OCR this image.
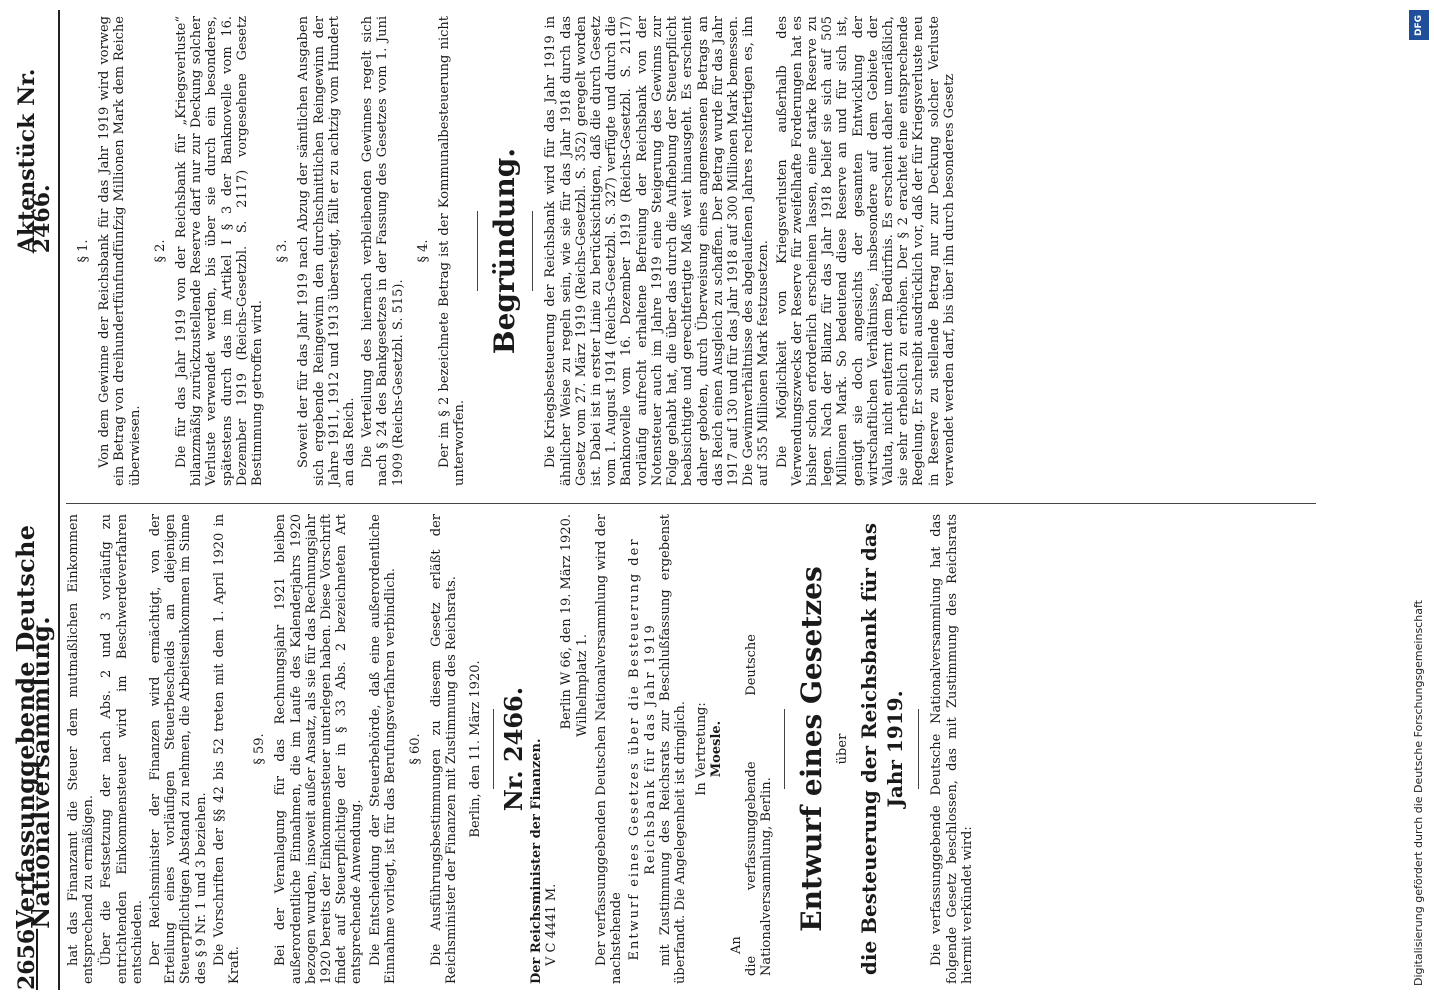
2656
Verfassunggebende Deutsche Nationalversammlung.
Aktenstück Nr. 2466.

hat das Finanzamt die Steuer dem mutmaßlichen Einkommen entsprechend zu ermäßigen. Über die Festsetzung der nach Abs. 2 und 3 vorläufig zu entrichtenden Einkommensteuer wird im Beschwerdeverfahren entschieden. Der Reichsminister der Finanzen wird ermächtigt, von der Erteilung eines vorläufigen Steuerbescheids an diejenigen Steuerpflichtigen Abstand zu nehmen, die Arbeitseinkommen im Sinne des § 9 Nr. 1 und 3 beziehen. Die Vorschriften der §§ 42 bis 52 treten mit dem 1. April 1920 in Kraft.

§ 59. Bei der Veranlagung für das Rechnungsjahr 1921 bleiben außerordentliche Einnahmen, die im Laufe des Kalenderjahrs 1920 bezogen wurden, insoweit außer Ansatz, als sie für das Rechnungsjahr 1920 bereits der Einkommensteuer unterlegen haben. Diese Vorschrift findet auf Steuerpflichtige der in § 33 Abs. 2 bezeichneten Art entsprechende Anwendung. Die Entscheidung der Steuerbehörde, daß eine außerordentliche Einnahme vorliegt, ist für das Berufungsverfahren verbindlich. § 60. Die Ausführungsbestimmungen zu diesem Gesetz erläßt der Reichsminister der Finanzen mit Zustimmung des Reichsrats. Berlin, den 11. März 1920. Nr. 2466. Der Reichsminister der Finanzen. V C 4441 M.
Berlin W 66, den 19. März 1920. Wilhelmplatz 1. Der verfassunggebenden Deutschen Nationalversammlung wird der nachstehende Entwurf eines Gesetzes über die Besteuerung der Reichsbank für das Jahr 1919 mit Zustimmung des Reichsrats zur Beschlußfassung ergebenst überfandt. Die Angelegenheit ist dringlich. In Vertretung: Moesle.
An die verfassunggebende Deutsche Nationalversammlung, Berlin. Entwurf eines Gesetzes über die Besteuerung der Reichsbank für das Jahr 1919. Die verfassunggebende Deutsche Nationalversammlung hat das folgende Gesetz beschlossen, das mit Zustimmung des Reichsrats hiermit verkündet wird:

§ 1. Von dem Gewinne der Reichsbank für das Jahr 1919 wird vorweg ein Betrag von dreihundertfünfundfünfzig Millionen Mark dem Reiche überwiesen.

§ 2. Die für das Jahr 1919 von der Reichsbank für „Kriegsverluste“ bilanzmäßig zurückzustellende Reserve darf nur zur Deckung solcher Verluste verwendet werden, bis über sie durch ein besonderes, spätestens durch das im Artikel I § 3 der Banknovelle vom 16. Dezember 1919 (Reichs-Gesetzbl. S. 2117) vorgesehene Gesetz Bestimmung getroffen wird.

§ 3. Soweit der für das Jahr 1919 nach Abzug der sämtlichen Ausgaben sich ergebende Reingewinn den durchschnittlichen Reingewinn der Jahre 1911, 1912 und 1913 übersteigt, fällt er zu achtzig vom Hundert an das Reich. Die Verteilung des hiernach verbleibenden Gewinnes regelt sich nach § 24 des Bankgesetzes in der Fassung des Gesetzes vom 1. Juni 1909 (Reichs-Gesetzbl. S. 515).

§ 4. Der im § 2 bezeichnete Betrag ist der Kommunalbesteuerung nicht unterworfen.

Begründung. Die Kriegsbesteuerung der Reichsbank wird für das Jahr 1919 in ähnlicher Weise zu regeln sein, wie sie für das Jahr 1918 durch das Gesetz vom 27. März 1919 (Reichs-Gesetzbl. S. 352) geregelt worden ist. Dabei ist in erster Linie zu berücksichtigen, daß die durch Gesetz vom 1. August 1914 (Reichs-Gesetzbl. S. 327) verfügte und durch die Banknovelle vom 16. Dezember 1919 (Reichs-Gesetzbl. S. 2117) vorläufig aufrecht erhaltene Befreiung der Reichsbank von der Notensteuer auch im Jahre 1919 eine Steigerung des Gewinns zur Folge gehabt hat, die über das durch die Aufhebung der Steuerpflicht beabsichtigte und gerechtfertigte Maß weit hinausgeht. Es erscheint daher geboten, durch Überweisung eines angemessenen Betrags an das Reich einen Ausgleich zu schaffen. Der Betrag wurde für das Jahr 1917 auf 130 und für das Jahr 1918 auf 300 Millionen Mark bemessen. Die Gewinnverhältnisse des abgelaufenen Jahres rechtfertigen es, ihn auf 355 Millionen Mark festzusetzen. Die Möglichkeit von Kriegsverlusten außerhalb des Verwendungszwecks der Reserve für zweifelhafte Forderungen hat es bisher schon erforderlich erscheinen lassen, eine starke Reserve zu legen. Nach der Bilanz für das Jahr 1918 belief sie sich auf 505 Millionen Mark. So bedeutend diese Reserve an und für sich ist, genügt sie doch angesichts der gesamten Entwicklung der wirtschaftlichen Verhältnisse, insbesondere auf dem Gebiete der Valuta, nicht entfernt dem Bedürfnis. Es erscheint daher unerläßlich, sie sehr erheblich zu erhöhen. Der § 2 erachtet eine entsprechende Regelung. Er schreibt ausdrücklich vor, daß der für Kriegsverluste neu in Reserve zu stellende Betrag nur zur Deckung solcher Verluste verwendet werden darf, bis über ihn durch besonderes Gesetz

DFG
Digitalisierung gefördert durch die Deutsche Forschungsgemeinschaft
